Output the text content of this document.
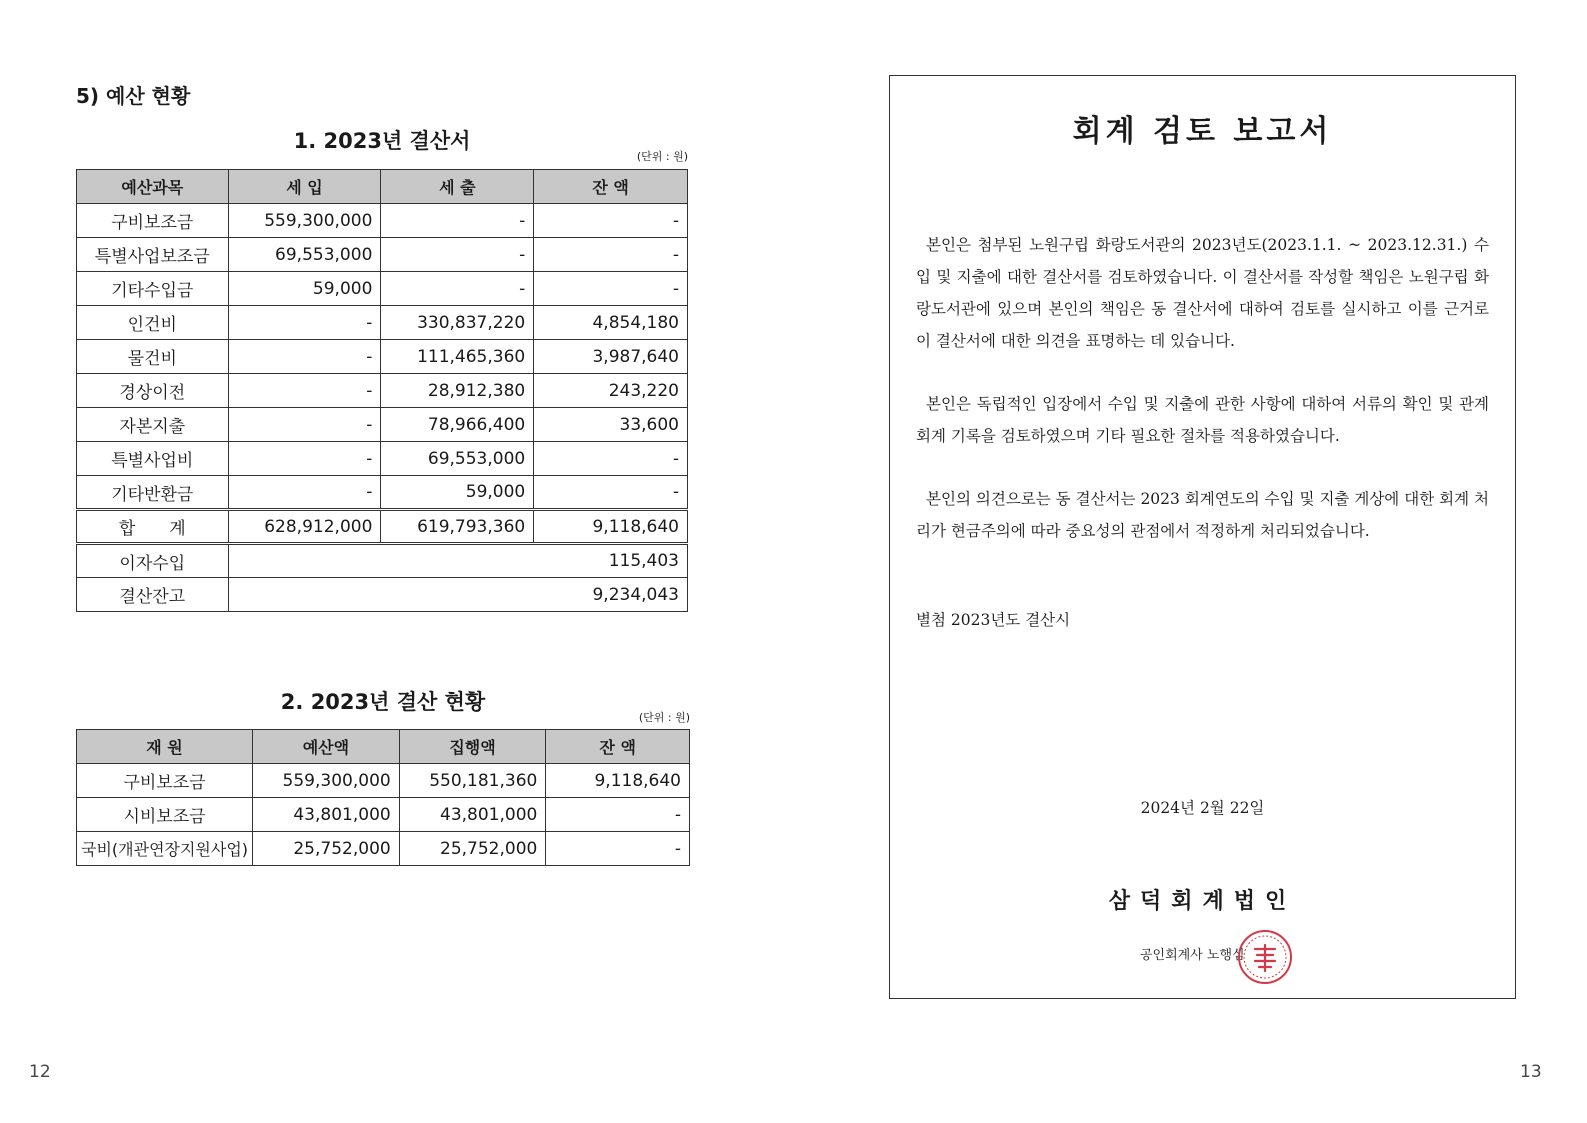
5) 예산 현황
1. 2023년 결산서
(단위 : 원)
예산과목	세 입	세 출	잔 액
구비보조금	559,300,000	-	-
특별사업보조금	69,553,000	-	-
기타수입금	59,000	-	-
인건비	-	330,837,220	4,854,180
물건비	-	111,465,360	3,987,640
경상이전	-	28,912,380	243,220
자본지출	-	78,966,400	33,600
특별사업비	-	69,553,000	-
기타반환금	-	59,000	-
합　　계	628,912,000	619,793,360	9,118,640
이자수입	115,403		
결산잔고	9,234,043		
2. 2023년 결산 현황
(단위 : 원)
재 원	예산액	집행액	잔 액
구비보조금	559,300,000	550,181,360	9,118,640
시비보조금	43,801,000	43,801,000	-
국비(개관연장지원사업)	25,752,000	25,752,000	-
12
회계 검토 보고서
본인은 첨부된 노원구립 화랑도서관의 2023년도(2023.1.1. ~ 2023.12.31.) 수입 및 지출에 대한 결산서를 검토하였습니다. 이 결산서를 작성할 책임은 노원구립 화랑도서관에 있으며 본인의 책임은 동 결산서에 대하여 검토를 실시하고 이를 근거로 이 결산서에 대한 의견을 표명하는 데 있습니다.
본인은 독립적인 입장에서 수입 및 지출에 관한 사항에 대하여 서류의 확인 및 관계 회계 기록을 검토하였으며 기타 필요한 절차를 적용하였습니다.
본인의 의견으로는 동 결산서는 2023 회계연도의 수입 및 지출 게상에 대한 회계 처리가 현금주의에 따라 중요성의 관점에서 적정하게 처리되었습니다.
별첨 2023년도 결산시
2024년 2월 22일
삼덕회계법인
공인회계사 노행심
13
